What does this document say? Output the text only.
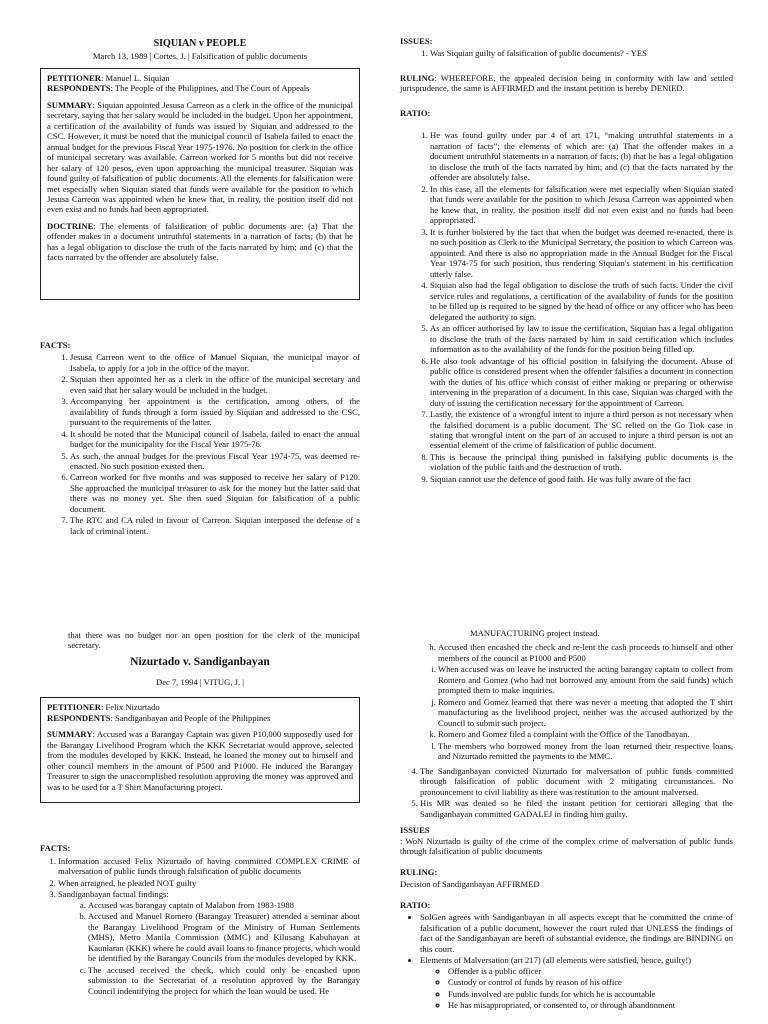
SIQUIAN v PEOPLE

March 13, 1989 | Cortes, J. | Falsification of public documents

PETITIONER: Manuel L. Siquian
RESPONDENTS: The People of the Philippines, and The Court of Appeals

SUMMARY: Siquian appointed Jesusa Carreon as a clerk in the office of the municipal secretary, saying that her salary would be included in the budget. Upon her appointment, a certification of the availability of funds was issued by Siquian and addressed to the CSC. However, it must be noted that the municipal council of Isabela failed to enact the annual budget for the previous Fiscal Year 1975-1976. No position for clerk in the office of municipal secretary was available. Carreon worked for 5 months but did not receive her salary of 120 pesos, even upon approaching the municipal treasurer. Siquian was found guilty of falsification of public documents. All the elements for falsification were met especially when Siquian stated that funds were available for the position to which Jesusa Carreon was appointed when he knew that, in reality, the position itself did not even exist and no funds had been appropriated.

DOCTRINE: The elements of falsification of public documents are: (a) That the offender makes in a document untruthful statements in a narration of facts; (b) that he has a legal obligation to disclose the truth of the facts narrated by him; and (c) that the facts narrated by the offender are absolutely false.

FACTS:

1. Jesusa Carreon went to the office of Manuel Siquian, the municipal mayor of Isabela, to apply for a job in the office of the mayor.
2. Siquian then appointed her as a clerk in the office of the municipal secretary and even said that her salary would be included in the budget.
3. Accompanying her appointment is the certification, among others, of the availability of funds through a form issued by Siquian and addressed to the CSC, pursuant to the requirements of the latter.
4. It should be noted that the Municipal council of Isabela, failed to enact the annual budget for the municipality for the Fiscal Year 1975-76.
5. As such, the annual budget for the previous Fiscal Year 1974-75, was deemed re-enacted. No such position existed then.
6. Carreon worked for five months and was supposed to receive her salary of P120. She approached the municipal treasurer to ask for the money but the latter said that there was no money yet. She then sued Siquian for falsification of a public document.
7. The RTC and CA ruled in favour of Carreon. Siquian interposed the defense of a lack of criminal intent.

ISSUES:

1. Was Siquian guilty of falsification of public documents? - YES

RULING: WHEREFORE, the appealed decision being in conformity with law and settled jurisprudence, the same is AFFIRMED and the instant petition is hereby DENIED.

RATIO:

1. He was found guilty under par 4 of art 171, “making untruthful statements in a narration of facts”; the elements of which are: (a) That the offender makes in a document untruthful statements in a narration of facts; (b) that he has a legal obligation to disclose the truth of the facts narrated by him; and (c) that the facts narrated by the offender are absolutely false.
2. In this case, all the elements for falsification were met especially when Siquian stated that funds were available for the position to which Jesusa Carreon was appointed when he knew that, in reality, the position itself did not even exist and no funds had been appropriated.
3. It is further bolstered by the fact that when the budget was deemed re-enacted, there is no such position as Clerk to the Municipal Secretary, the position to which Carreon was appointed. And there is also no appropriation made in the Annual Budget for the Fiscal Year 1974-75 for such position, thus rendering Siquian's statement in his certification utterly false.
4. Siquian also had the legal obligation to disclose the truth of such facts. Under the civil service rules and regulations, a certification of the availability of funds for the position to be filled up is required to be signed by the head of office or any officer who has been delegated the authority to sign.
5. As an officer authorised by law to issue the certification, Siquian has a legal obligation to disclose the truth of the facts narrated by him in said certification which includes information as to the availability of the funds for the position being filled up.
6. He also took advantage of his official position in falsifying the document. Abuse of public office is considered present when the offender falsifies a document in connection with the duties of his office which consist of either making or preparing or otherwise intervening in the preparation of a document. In this case, Siquian was charged with the duty of issuing the certification necessary for the appointment of Carreon.
7. Lastly, the existence of a wrongful intent to injure a third person is not necessary when the falsified document is a public document. The SC relied on the Go Tiok case in stating that wrongful intent on the part of an accused to injure a third person is not an essential element of the crime of falsification of public document.
8. This is because the principal thing punished in falsifying public documents is the violation of the public faith and the destruction of truth.
9. Siquian cannot use the defence of good faith. He was fully aware of the fact

that there was no budget nor an open position for the clerk of the municipal secretary.

Nizurtado v. Sandiganbayan

Dec 7, 1994 | VITUG, J. |

PETITIONER: Felix Nizurtado
RESPONDENTS: Sandiganbayan and People of the Philippines

SUMMARY: Accused was a Barangay Captain was given P10,000 supposedly used for the Barangay Livelihood Program which the KKK Secretariat would approve, selected from the modules developed by KKK. Instead, he loaned the money out to himself and other council members in the amount of P500 and P1000. He induced the Barangay Treasurer to sign the unaccomplished resolution approving the money was approved and was to be used for a T Shirt Manufacturing project.

FACTS:

1. Information accused Felix Nizurtado of having committed COMPLEX CRIME of malversation of public funds through falsification of public documents
2. When arraigned, he pleaded NOT guilty
3. Sandiganbayan factual findings:
a. Accused was barangay captain of Malabon from 1983-1988
b. Accused and Manuel Romero (Barangay Treasurer) attended a seminar about the Barangay Livelihood Program of the Ministry of Human Settlements (MHS), Metro Manila Commission (MMC) and Kilusang Kabuhayan at Kaunlaran (KKK) where he could avail loans to finance projects, which would be identified by the Barangay Councils from the modules developed by KKK.
c. The accused received the check, which could only be encashed upon submission to the Secretariat of a resolution approved by the Barangay Council indentifying the project for which the loan would be used. He

MANUFACTURING project instead.

h. Accused then encashed the check and re-lent the cash proceeds to himself and other members of the council at P1000 and P500
i. When accused was on leave he instructed the acting barangay captain to collect from Romero and Gomez (who had not borrowed any amount from the said funds) which prompted them to make inquiries.
j. Romero and Gomez learned that there was never a meeting that adopted the T shirt manufacturing as the livelihood project, neither was the accused authorized by the Council to submit such project.
k. Romero and Gomez filed a complaint with the Office of the Tanodbayan.
l. The members who borrowed money from the loan returned their respective loans, and Nizurtado remitted the payments to the MMC.
4. The Sandiganbayan convicted Nizurtado for malversation of public funds committed through falsification of public document with 2 mitigating circumstances. No pronouncement to civil liability as there was restitution to the amount malversed.
5. His MR was denied so he filed the instant petition for certiorari alleging that the Sandiganbayan committed GADALEJ in finding him guilty.

ISSUES
: WoN Nizurtado is guilty of the crime of the complex crime of malversation of public funds through falsification of public documents

RULING:

Decision of Sandiganbayan AFFIRMED

RATIO:

• SolGen agrees with Sandiganbayan in all aspects except that he committed the crime of falsification of a public document, however the court ruled that UNLESS the findings of fact of the Sandiganbayan are bereft of substantial evidence, the findings are BINDING on this court.
• Elements of Malversation (art 217) (all elements were satisfied, hence, guilty!)
◦ Offender is a public officer
◦ Custody or control of funds by reason of his office
◦ Funds involved are public funds for which he is accountable
◦ He has misappropriated, or consented to, or through abandonment
